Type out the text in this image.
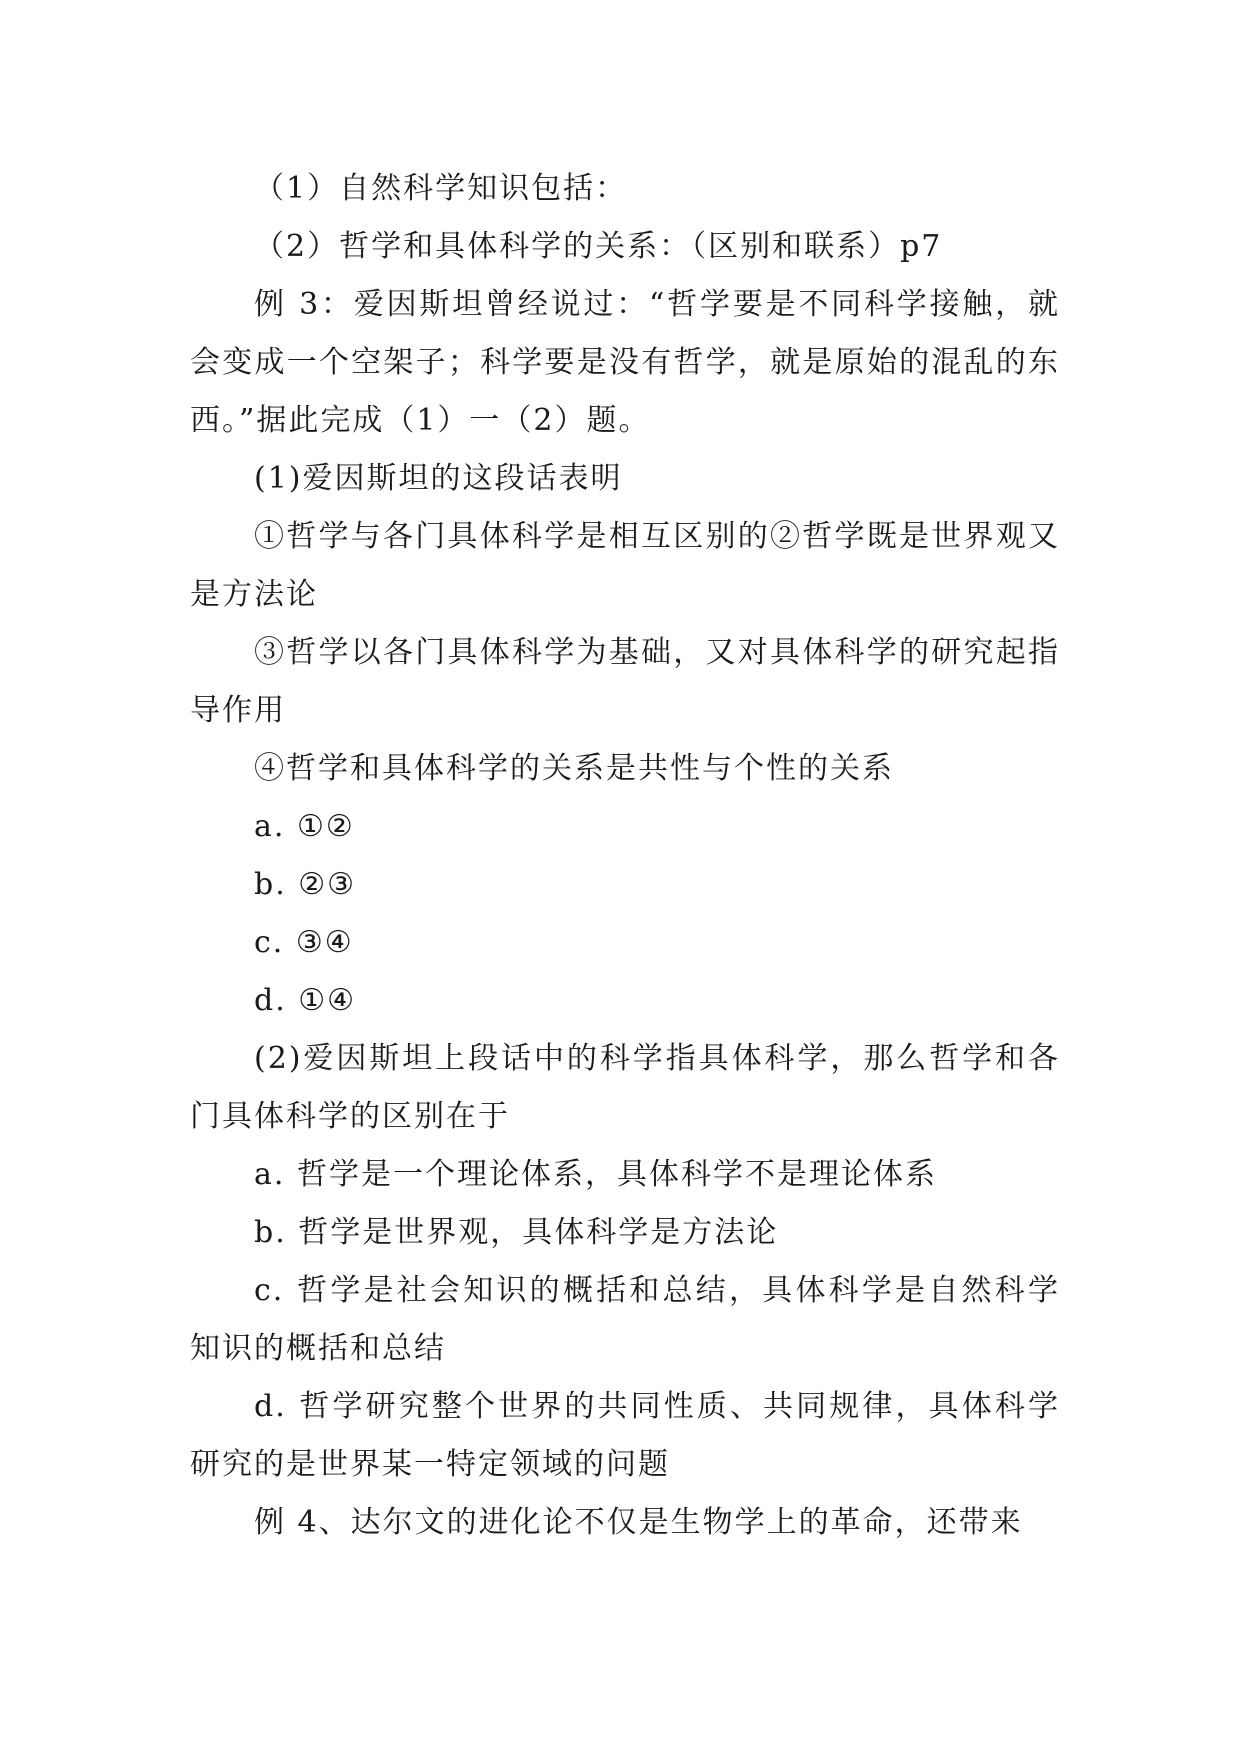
（1）自然科学知识包括：

（2）哲学和具体科学的关系：（区别和联系）p7

例 3：爱因斯坦曾经说过：“哲学要是不同科学接触，就会变成一个空架子；科学要是没有哲学，就是原始的混乱的东西。”据此完成（1）一（2）题。

(1)爱因斯坦的这段话表明

①哲学与各门具体科学是相互区别的②哲学既是世界观又是方法论

③哲学以各门具体科学为基础，又对具体科学的研究起指导作用

④哲学和具体科学的关系是共性与个性的关系

a. ①②

b. ②③

c. ③④

d. ①④

(2)爱因斯坦上段话中的科学指具体科学，那么哲学和各门具体科学的区别在于

a. 哲学是一个理论体系，具体科学不是理论体系

b. 哲学是世界观，具体科学是方法论

c. 哲学是社会知识的概括和总结，具体科学是自然科学知识的概括和总结

d. 哲学研究整个世界的共同性质、共同规律，具体科学研究的是世界某一特定领域的问题

例 4、达尔文的进化论不仅是生物学上的革命，还带来
